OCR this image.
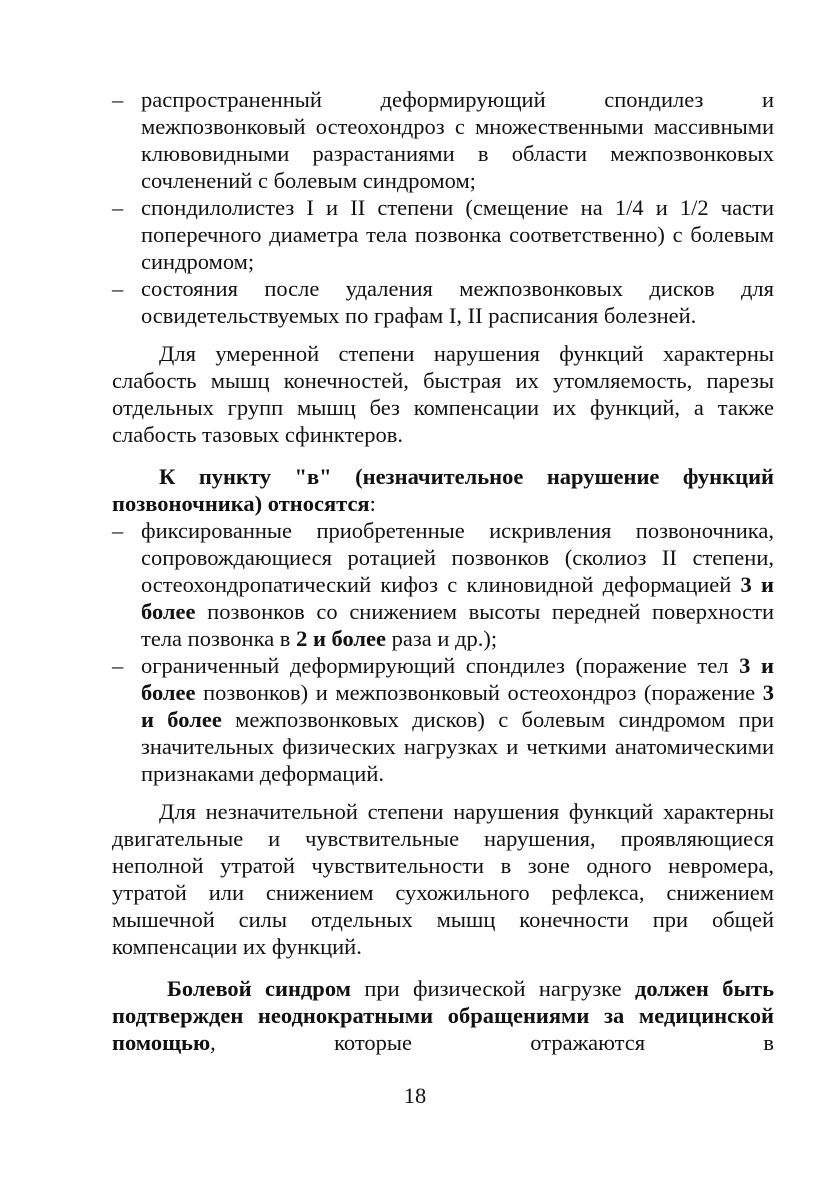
– распространенный деформирующий спондилез и межпозвонковый остеохондроз с множественными массивными клювовидными разрастаниями в области межпозвонковых сочленений с болевым синдромом;
– спондилолистез I и II степени (смещение на 1/4 и 1/2 части поперечного диаметра тела позвонка соответственно) с болевым синдромом;
– состояния после удаления межпозвонковых дисков для освидетельствуемых по графам I, II расписания болезней.
Для умеренной степени нарушения функций характерны слабость мышц конечностей, быстрая их утомляемость, парезы отдельных групп мышц без компенсации их функций, а также слабость тазовых сфинктеров.
К пункту "в" (незначительное нарушение функций позвоночника) относятся:
– фиксированные приобретенные искривления позвоночника, сопровождающиеся ротацией позвонков (сколиоз II степени, остеохондропатический кифоз с клиновидной деформацией 3 и более позвонков со снижением высоты передней поверхности тела позвонка в 2 и более раза и др.);
– ограниченный деформирующий спондилез (поражение тел 3 и более позвонков) и межпозвонковый остеохондроз (поражение 3 и более межпозвонковых дисков) с болевым синдромом при значительных физических нагрузках и четкими анатомическими признаками деформаций.
Для незначительной степени нарушения функций характерны двигательные и чувствительные нарушения, проявляющиеся неполной утратой чувствительности в зоне одного невромера, утратой или снижением сухожильного рефлекса, снижением мышечной силы отдельных мышц конечности при общей компенсации их функций.
Болевой синдром при физической нагрузке должен быть подтвержден неоднократными обращениями за медицинской помощью, которые отражаются в
18
